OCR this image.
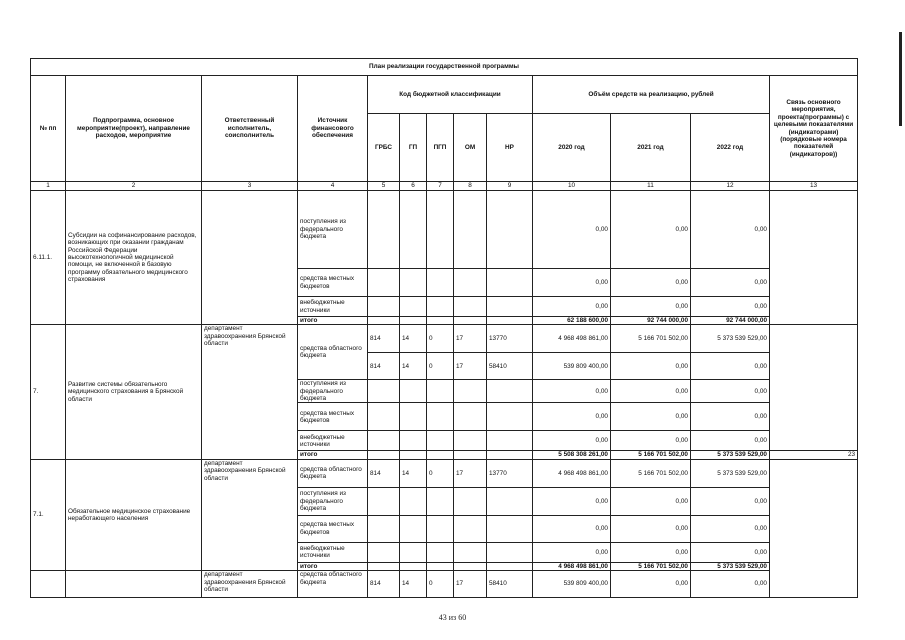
План реализации государственной программы												
№ пп	Подпрограмма, основное мероприятие(проект), направление расходов, мероприятие	Ответственный исполнитель, соисполнитель	Источник финансового обеспечения	Код бюджетной классификации					Объём средств на реализацию, рублей			Связь основного мероприятия, проекта(программы) с целевыми показателями (индикаторами) (порядковые номера показателей (индикаторов))
				ГРБС	ГП	ПГП	ОМ	НР	2020 год	2021 год	2022 год	
1	2	3	4	5	6	7	8	9	10	11	12	13
6.11.1.	Субсидии на софинансирование расходов, возникающих при оказании гражданам Российской Федерации высокотехнологичной медицинской помощи, не включенной в базовую программу обязательного медицинского страхования		поступления из федерального бюджета						0,00	0,00	0,00	
			средства местных бюджетов						0,00	0,00	0,00	
			внебюджетные источники						0,00	0,00	0,00	
			итого						62 188 600,00	92 744 000,00	92 744 000,00	
7.	Развитие системы обязательного медицинского страхования в Брянской области	департамент здравоохранения Брянской области	средства областного бюджета	814	14	0	17	13770	4 968 498 861,00	5 166 701 502,00	5 373 539 529,00	
				814	14	0	17	58410	539 809 400,00	0,00	0,00	
			поступления из федерального бюджета						0,00	0,00	0,00	
			средства местных бюджетов						0,00	0,00	0,00	
			внебюджетные источники						0,00	0,00	0,00	
			итого						5 508 308 261,00	5 166 701 502,00	5 373 539 529,00	23
7.1.	Обязательное медицинское страхование неработающего населения	департамент здравоохранения Брянской области	средства областного бюджета	814	14	0	17	13770	4 968 498 861,00	5 166 701 502,00	5 373 539 529,00	
			поступления из федерального бюджета						0,00	0,00	0,00	
			средства местных бюджетов						0,00	0,00	0,00	
			внебюджетные источники						0,00	0,00	0,00	
			итого						4 968 498 861,00	5 166 701 502,00	5 373 539 529,00	
		департамент здравоохранения Брянской области	средства областного бюджета	814	14	0	17	58410	539 809 400,00	0,00	0,00	
43 из 60
